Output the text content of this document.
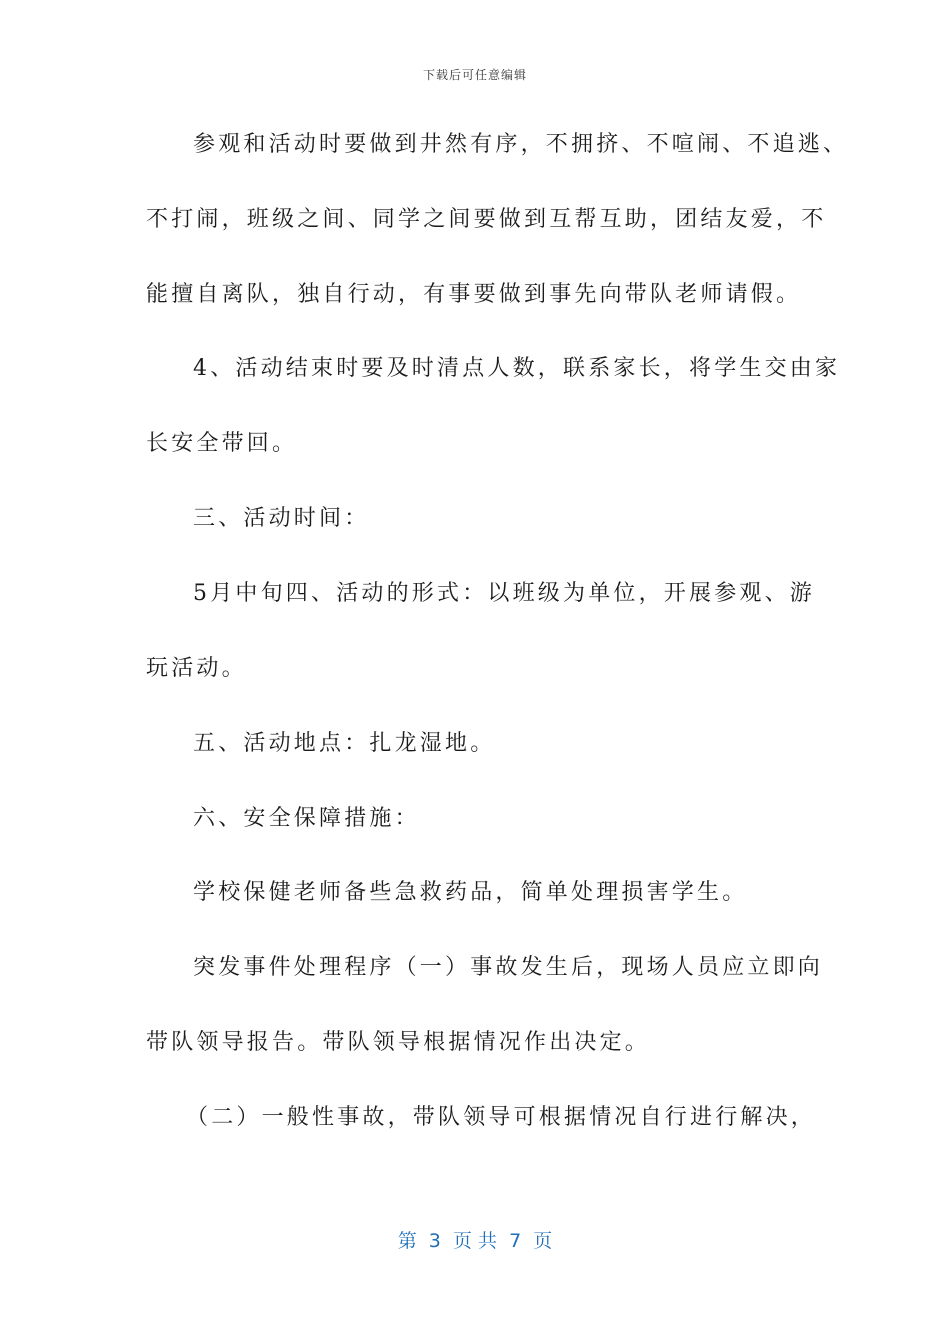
下载后可任意编辑
参观和活动时要做到井然有序，不拥挤、不喧闹、不追逃、
不打闹，班级之间、同学之间要做到互帮互助，团结友爱，不
能擅自离队，独自行动，有事要做到事先向带队老师请假。
4、活动结束时要及时清点人数，联系家长，将学生交由家
长安全带回。
三、活动时间：
5月中旬四、活动的形式：以班级为单位，开展参观、游
玩活动。
五、活动地点：扎龙湿地。
六、安全保障措施：
学校保健老师备些急救药品，简单处理损害学生。
突发事件处理程序（一）事故发生后，现场人员应立即向
带队领导报告。带队领导根据情况作出决定。
（二）一般性事故，带队领导可根据情况自行进行解决，
第  3  页 共  7  页
